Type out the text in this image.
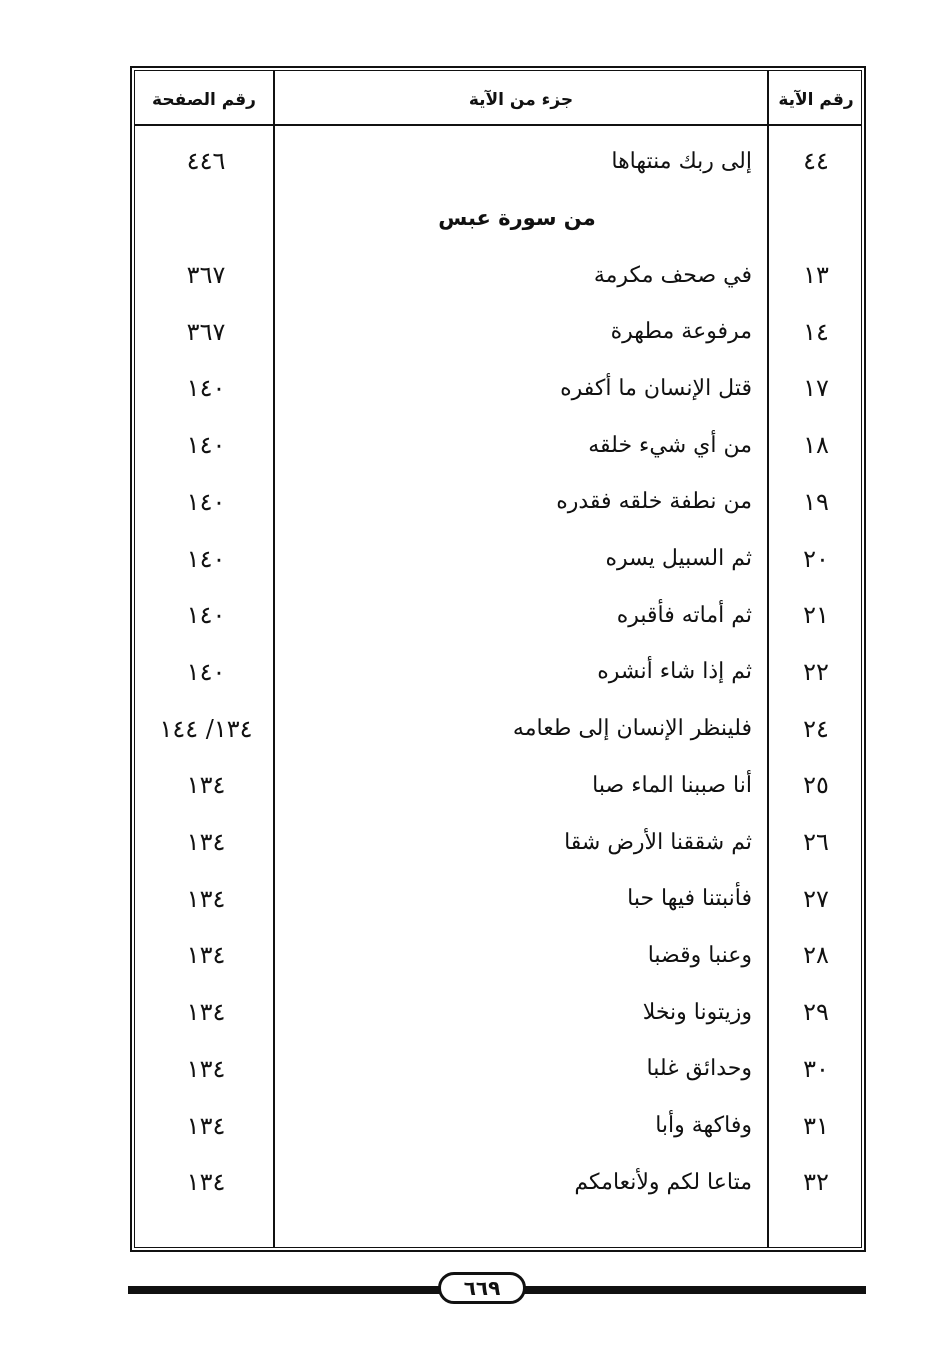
رقم الآية
جزء من الآية
رقم الصفحة
٤٤
إلى ربك منتهاها
٤٤٦
من سورة عبس
١٣
في صحف مكرمة
٣٦٧
١٤
مرفوعة مطهرة
٣٦٧
١٧
قتل الإنسان ما أكفره
١٤٠
١٨
من أي شيء خلقه
١٤٠
١٩
من نطفة خلقه فقدره
١٤٠
٢٠
ثم السبيل يسره
١٤٠
٢١
ثم أماته فأقبره
١٤٠
٢٢
ثم إذا شاء أنشره
١٤٠
٢٤
فلينظر الإنسان إلى طعامه
١٣٤/ ١٤٤
٢٥
أنا صببنا الماء صبا
١٣٤
٢٦
ثم شققنا الأرض شقا
١٣٤
٢٧
فأنبتنا فيها حبا
١٣٤
٢٨
وعنبا وقضبا
١٣٤
٢٩
وزيتونا ونخلا
١٣٤
٣٠
وحدائق غلبا
١٣٤
٣١
وفاكهة وأبا
١٣٤
٣٢
متاعا لكم ولأنعامكم
١٣٤
٦٦٩
